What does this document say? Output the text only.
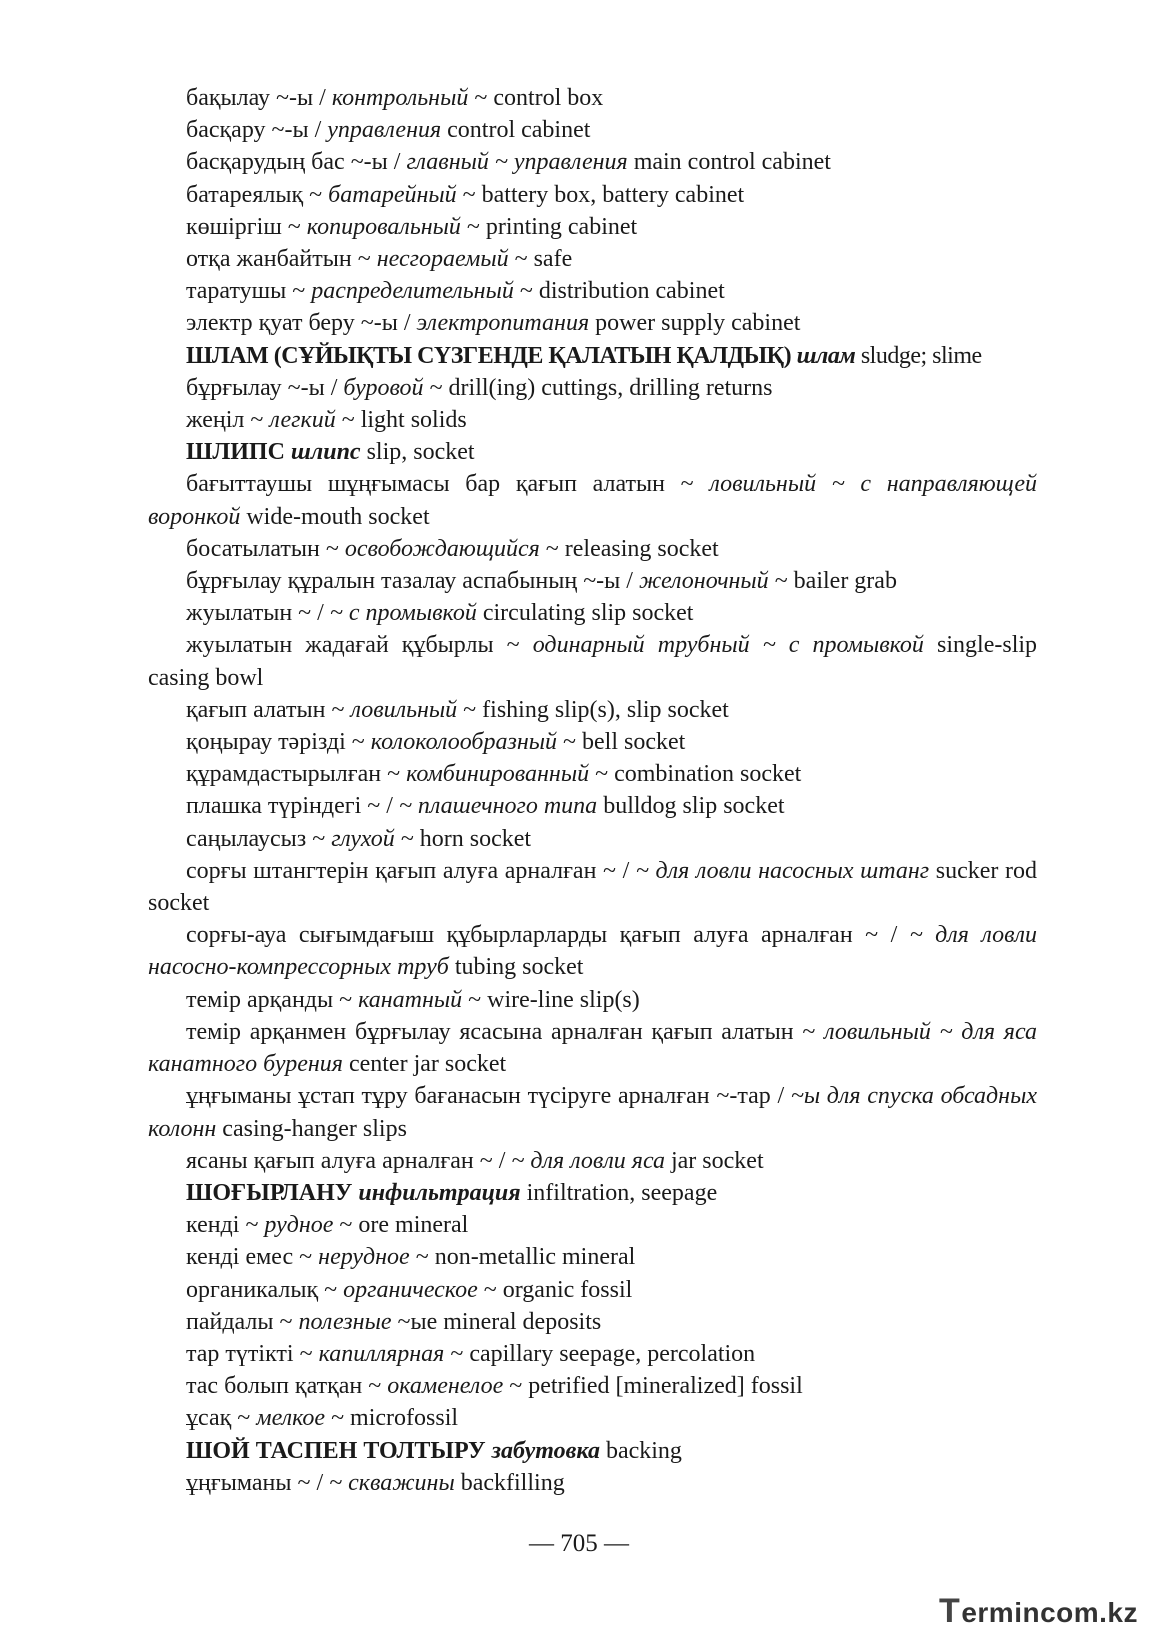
бақылау ~-ы / контрольный ~ control box

басқару ~-ы / управления control cabinet

басқарудың бас ~-ы / главный ~ управления main control cabinet

батареялық ~ батарейный ~ battery box, battery cabinet

көшіргіш ~ копировальный ~ printing cabinet

отқа жанбайтын ~ несгораемый ~ safe

таратушы ~ распределительный ~ distribution cabinet

электр қуат беру ~-ы / электропитания power supply cabinet

ШЛАМ (СҰЙЫҚТЫ СҮЗГЕНДЕ ҚАЛАТЫН ҚАЛДЫҚ) шлам sludge; slime

бұрғылау ~-ы / буровой ~ drill(ing) cuttings, drilling returns

жеңіл ~ легкий ~ light solids

ШЛИПС шлипс slip, socket

бағыттаушы шұңғымасы бар қағып алатын ~ ловильный ~ с направляющей воронкой wide-mouth socket

босатылатын ~ освобождающийся ~ releasing socket

бұрғылау құралын тазалау аспабының ~-ы / желоночный ~ bailer grab

жуылатын ~ / ~ с промывкой circulating slip socket

жуылатын жадағай құбырлы ~ одинарный трубный ~ с промывкой single-slip casing bowl

қағып алатын ~ ловильный ~ fishing slip(s), slip socket

қоңырау тәрізді ~ колоколообразный ~ bell socket

құрамдастырылған ~ комбинированный ~ combination socket

плашка түріндегі ~ / ~ плашечного типа bulldog slip socket

саңылаусыз ~ глухой ~ horn socket

сорғы штангтерін қағып алуға арналған ~ / ~ для ловли насосных штанг sucker rod socket

сорғы-ауа сығымдағыш құбырларларды қағып алуға арналған ~ / ~ для ловли насосно-компрессорных труб tubing socket

темір арқанды ~ канатный ~ wire-line slip(s)

темір арқанмен бұрғылау ясасына арналған қағып алатын ~ ловильный ~ для яса канатного бурения center jar socket

ұңғыманы ұстап тұру бағанасын түсіруге арналған ~-тар / ~ы для спуска обсадных колонн casing-hanger slips

ясаны қағып алуға арналған ~ / ~ для ловли яса jar socket

ШОҒЫРЛАНУ инфильтрация infiltration, seepage

кенді ~ рудное ~ ore mineral

кенді емес ~ нерудное ~ non-metallic mineral

органикалық ~ органическое ~ organic fossil

пайдалы ~ полезные ~ые mineral deposits

тар түтікті ~ капиллярная ~ capillary seepage, percolation

тас болып қатқан ~ окаменелое ~ petrified [mineralized] fossil

ұсақ ~ мелкое ~ microfossil

ШОЙ ТАСПЕН ТОЛТЫРУ забутовка backing

ұңғыманы ~ / ~ скважины backfilling

— 705 —
Termincom.kz
